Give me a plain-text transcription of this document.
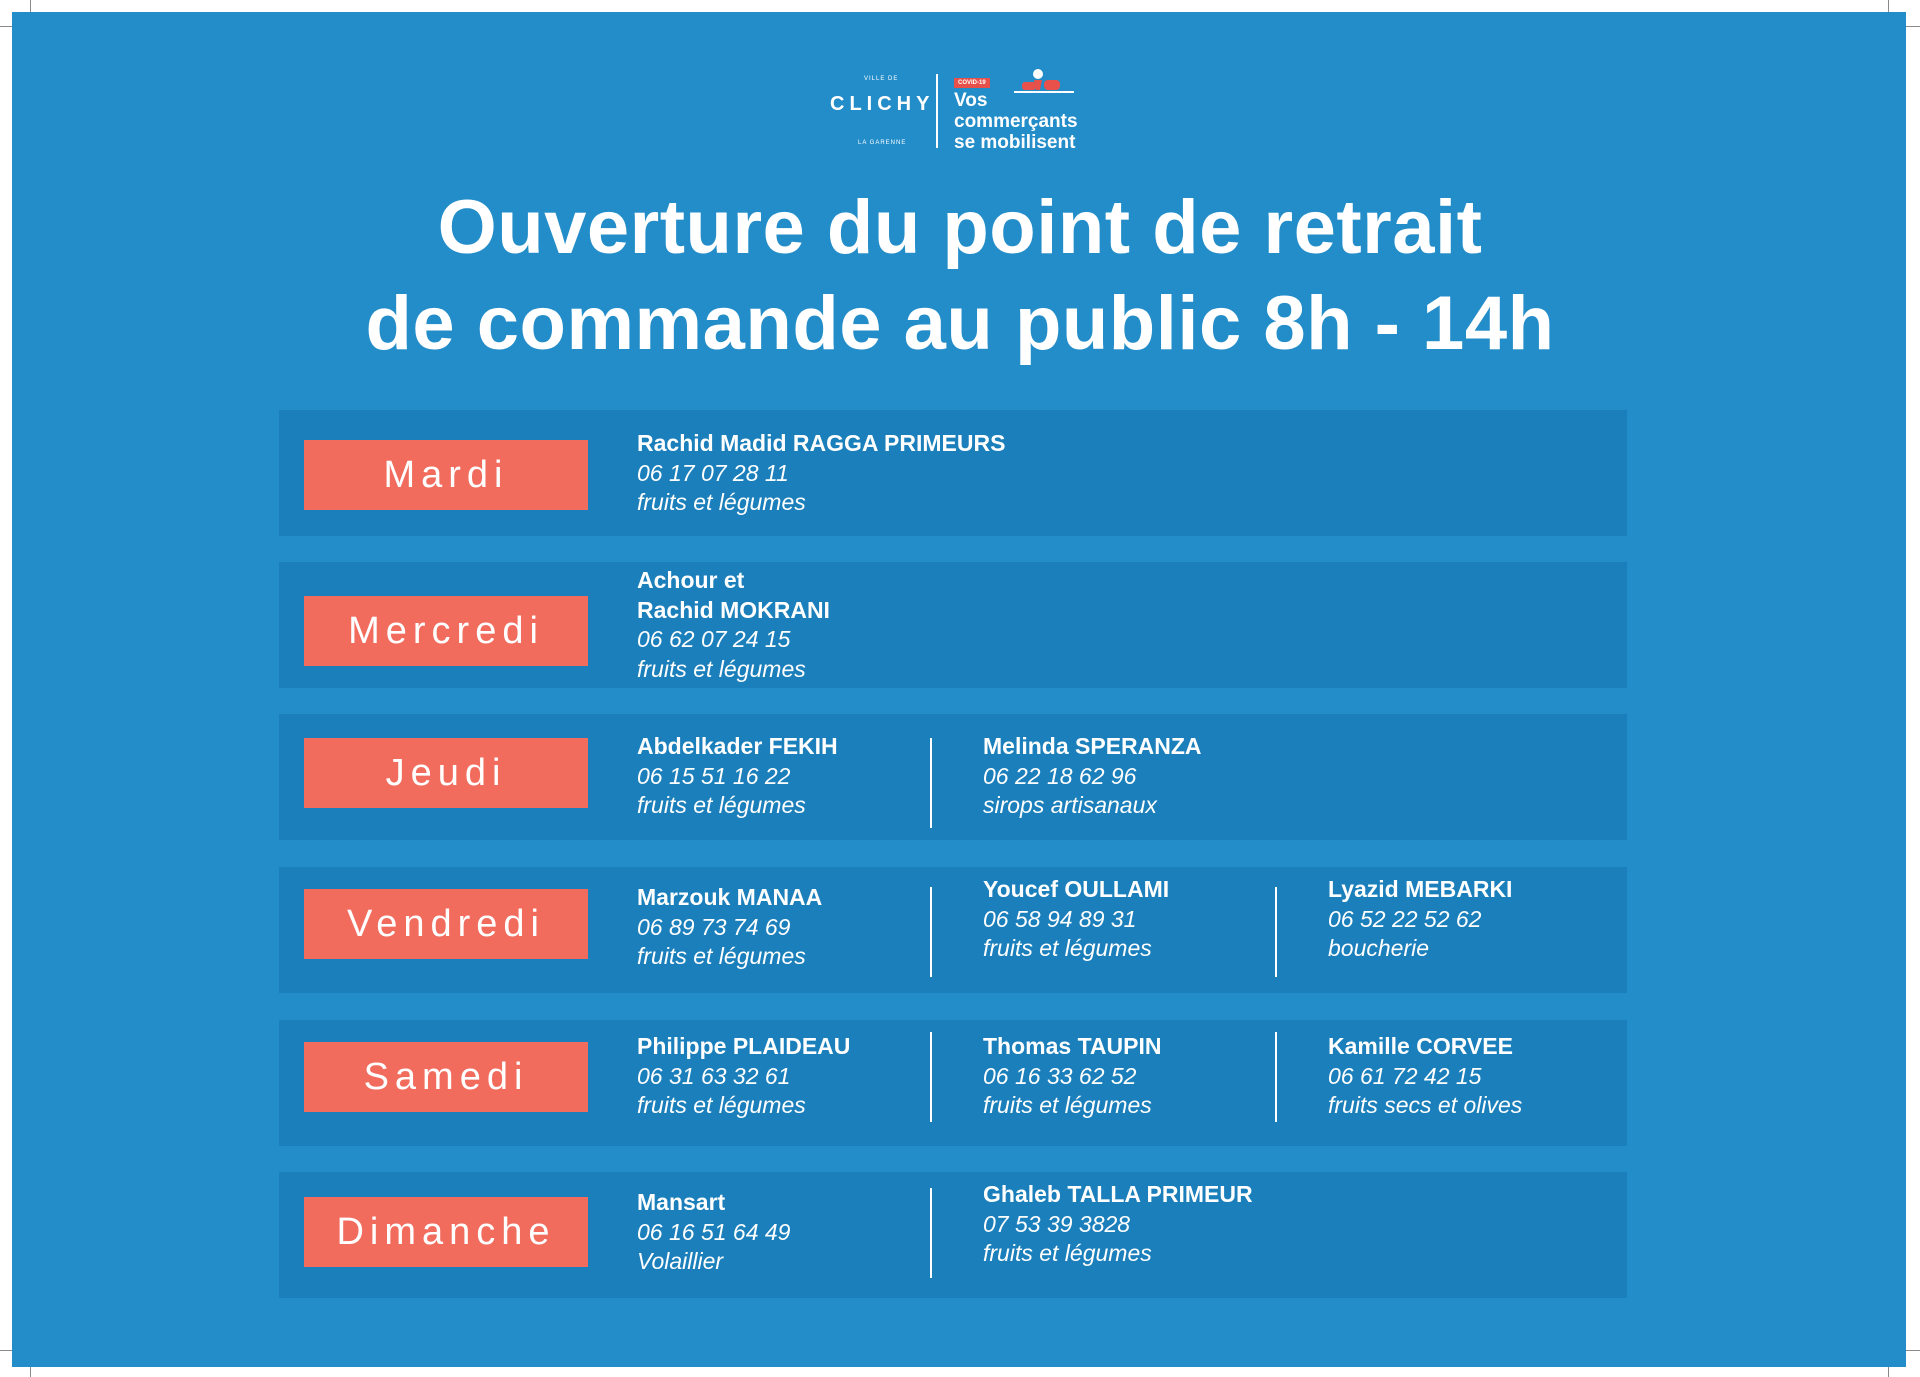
VILLE DE
CLICHY
LA GARENNE
COVID-19
Vos
commerçants
se mobilisent
Ouverture du point de retrait
de commande au public 8h - 14h
Mardi
Rachid Madid RAGGA PRIMEURS
06 17 07 28 11
fruits et légumes
Mercredi
Achour et
Rachid MOKRANI
06 62 07 24 15
fruits et légumes
Jeudi
Abdelkader FEKIH
06 15 51 16 22
fruits et légumes
Melinda SPERANZA
06 22 18 62 96
sirops artisanaux
Vendredi
Marzouk MANAA
06 89 73 74 69
fruits et légumes
Youcef OULLAMI
06 58 94 89 31
fruits et légumes
Lyazid MEBARKI
06 52 22 52 62
boucherie
Samedi
Philippe PLAIDEAU
06 31 63 32 61
fruits et légumes
Thomas TAUPIN
06 16 33 62 52
fruits et légumes
Kamille CORVEE
06 61 72 42 15
fruits secs et olives
Dimanche
Mansart
06 16 51 64 49
Volaillier
Ghaleb TALLA PRIMEUR
07 53 39 3828
fruits et légumes
